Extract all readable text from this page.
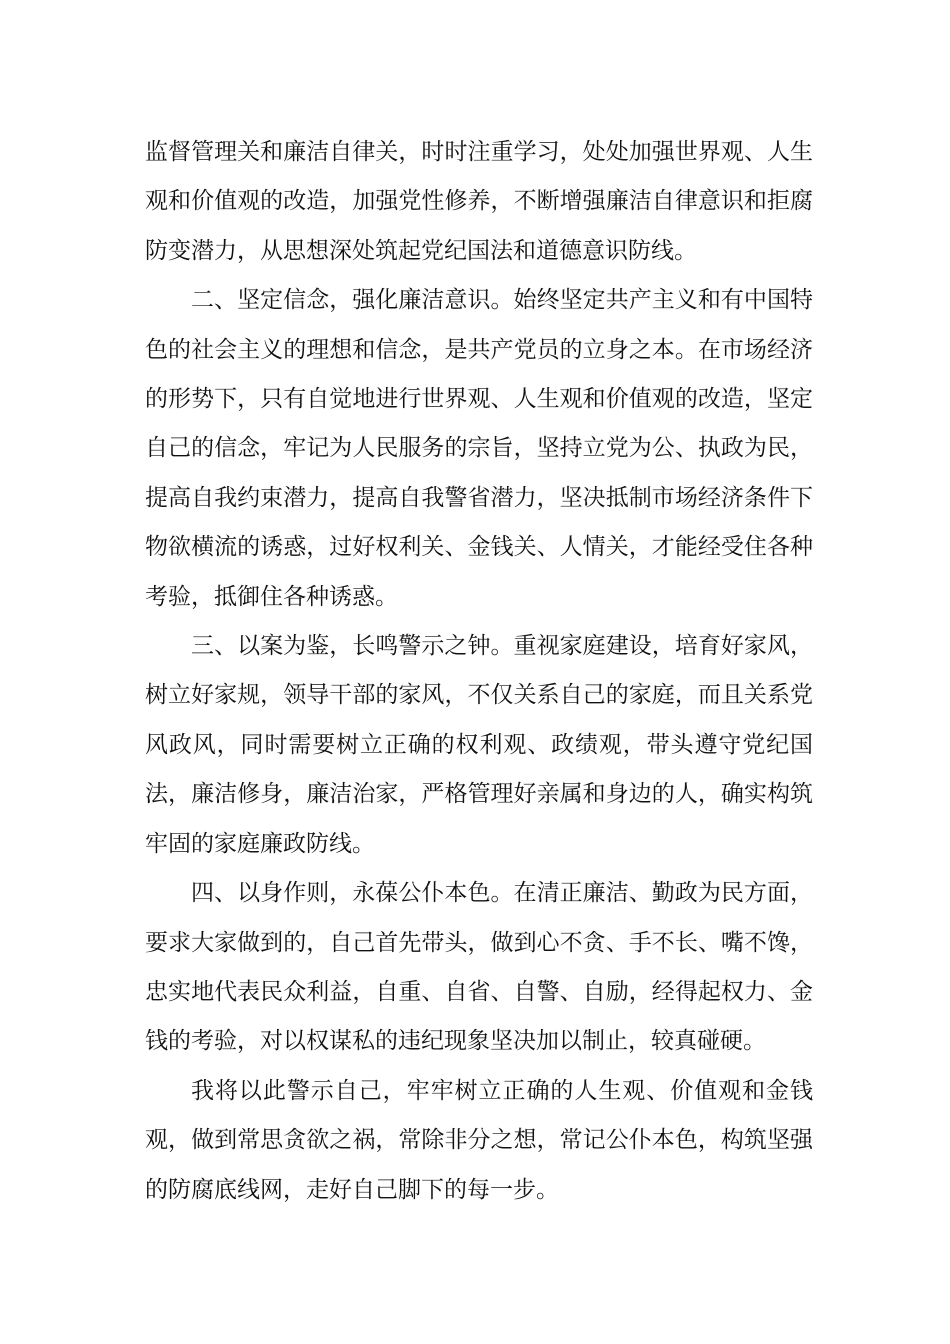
监督管理关和廉洁自律关，时时注重学习，处处加强世界观、人生观和价值观的改造，加强党性修养，不断增强廉洁自律意识和拒腐防变潜力，从思想深处筑起党纪国法和道德意识防线。

二、坚定信念，强化廉洁意识。始终坚定共产主义和有中国特色的社会主义的理想和信念，是共产党员的立身之本。在市场经济的形势下，只有自觉地进行世界观、人生观和价值观的改造，坚定自己的信念，牢记为人民服务的宗旨，坚持立党为公、执政为民，提高自我约束潜力，提高自我警省潜力，坚决抵制市场经济条件下物欲横流的诱惑，过好权利关、金钱关、人情关，才能经受住各种考验，抵御住各种诱惑。

三、以案为鉴，长鸣警示之钟。重视家庭建设，培育好家风，树立好家规，领导干部的家风，不仅关系自己的家庭，而且关系党风政风，同时需要树立正确的权利观、政绩观，带头遵守党纪国法，廉洁修身，廉洁治家，严格管理好亲属和身边的人，确实构筑牢固的家庭廉政防线。

四、以身作则，永葆公仆本色。在清正廉洁、勤政为民方面，要求大家做到的，自己首先带头，做到心不贪、手不长、嘴不馋，忠实地代表民众利益，自重、自省、自警、自励，经得起权力、金钱的考验，对以权谋私的违纪现象坚决加以制止，较真碰硬。

我将以此警示自己，牢牢树立正确的人生观、价值观和金钱观，做到常思贪欲之祸，常除非分之想，常记公仆本色，构筑坚强的防腐底线网，走好自己脚下的每一步。
